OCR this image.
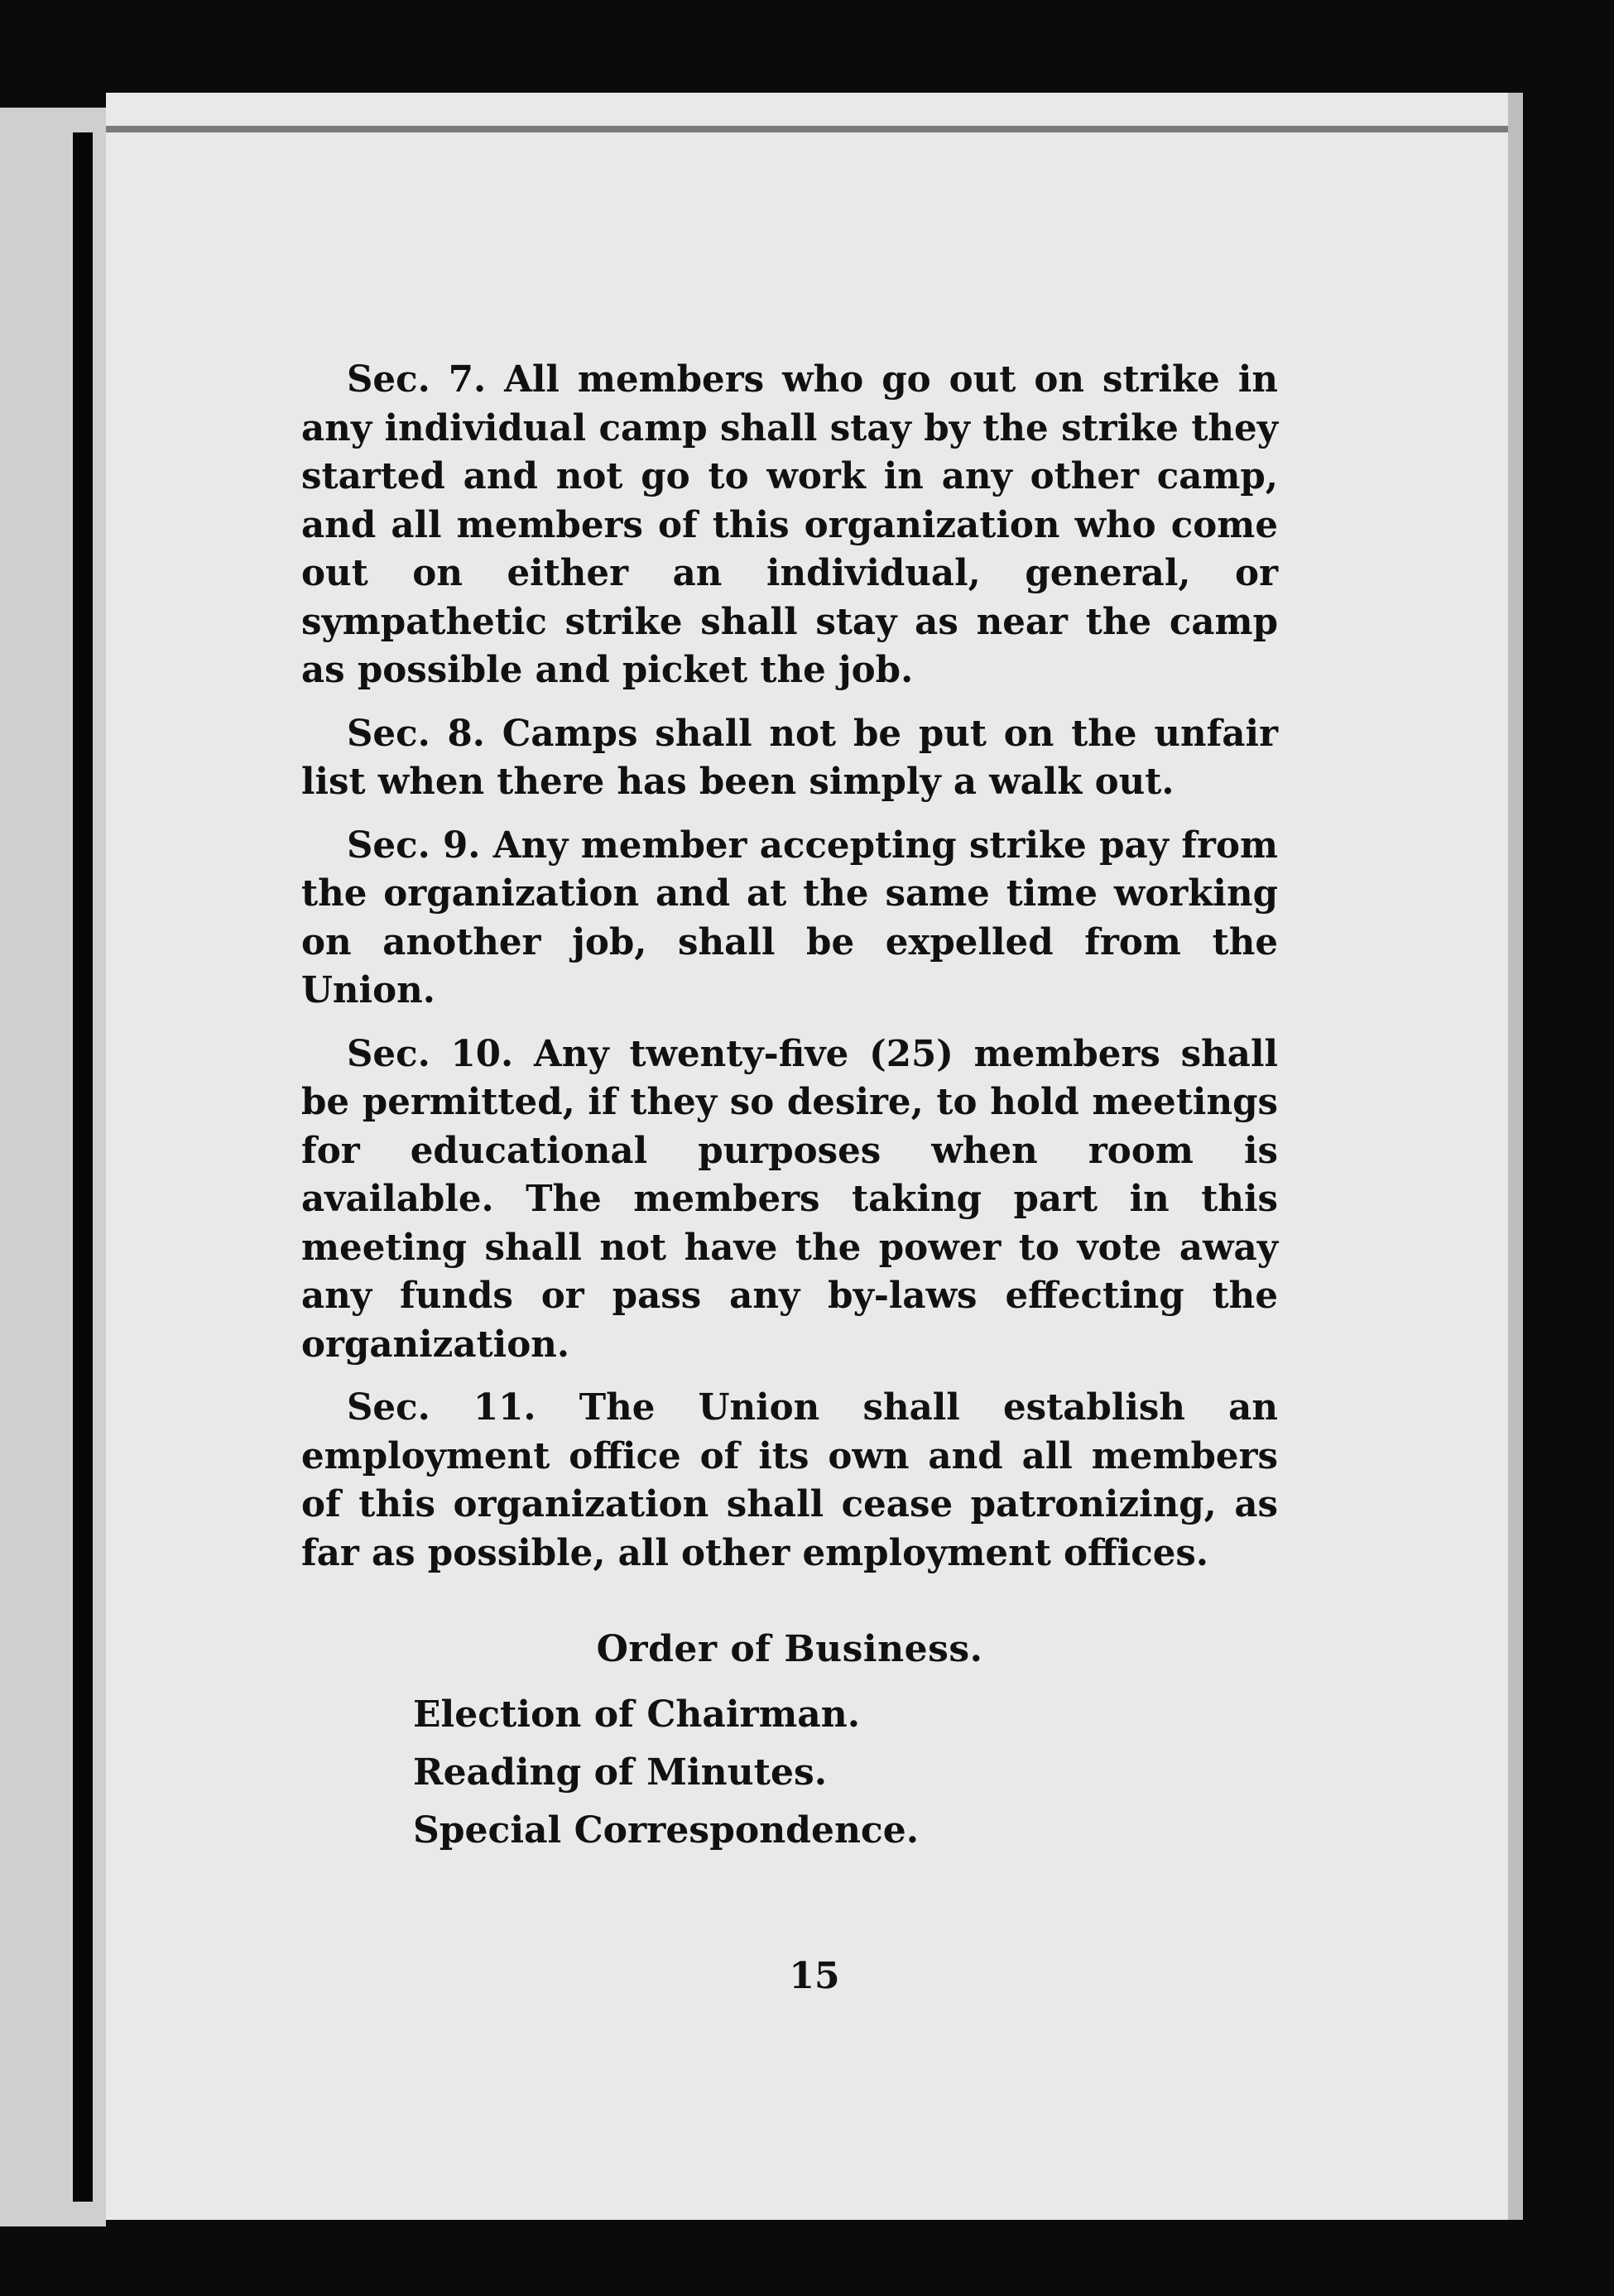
Sec. 7. All members who go out on strike in any individual camp shall stay by the strike they started and not go to work in any other camp, and all members of this organization who come out on either an individual, general, or sympathetic strike shall stay as near the camp as possible and picket the job.

Sec. 8. Camps shall not be put on the unfair list when there has been simply a walk out.

Sec. 9. Any member accepting strike pay from the organization and at the same time working on another job, shall be expelled from the Union.

Sec. 10. Any twenty-five (25) members shall be permitted, if they so desire, to hold meetings for educational purposes when room is available. The members taking part in this meeting shall not have the power to vote away any funds or pass any by-laws effecting the organization.

Sec. 11. The Union shall establish an employment office of its own and all members of this organization shall cease patronizing, as far as possible, all other employment offices.

Order of Business.
Election of Chairman.
Reading of Minutes.
Special Correspondence.
15
